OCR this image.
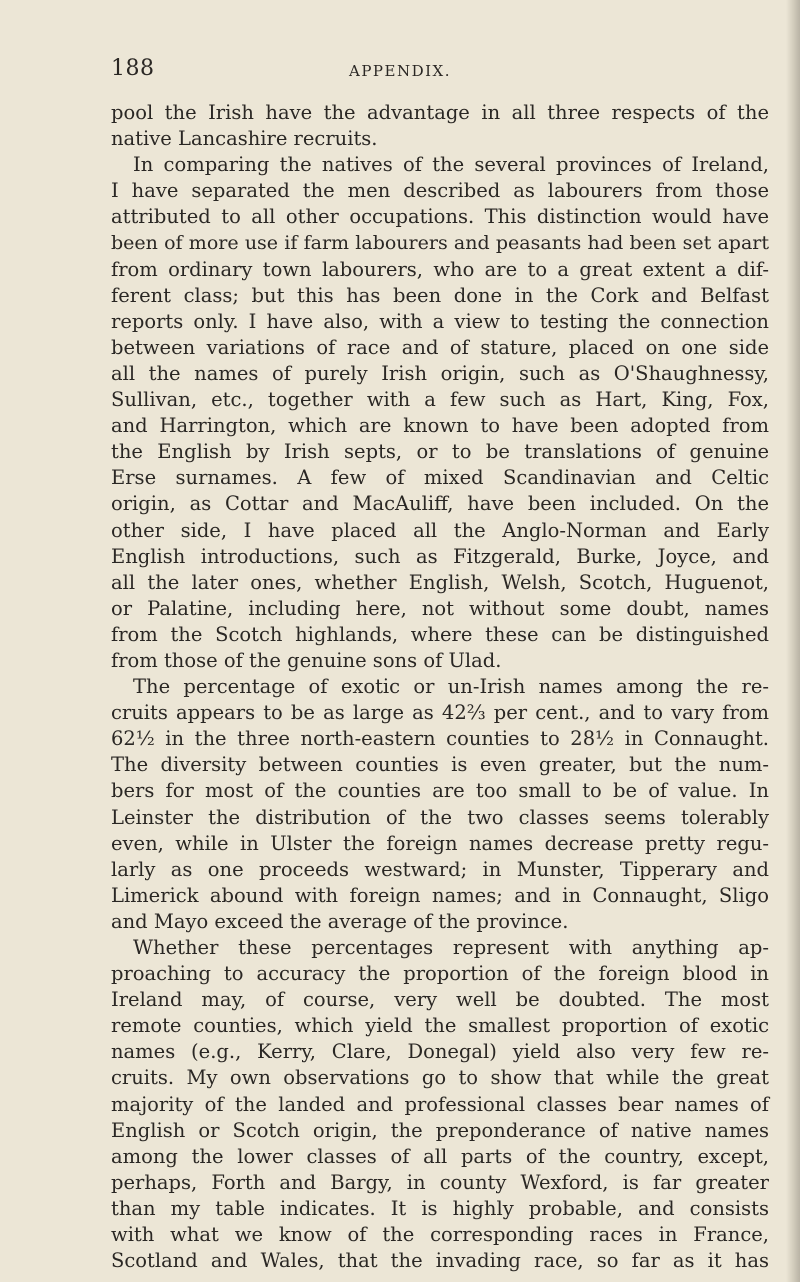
188	APPENDIX.
pool the Irish have the advantage in all three respects of the
native Lancashire recruits.
In comparing the natives of the several provinces of Ireland,
I have separated the men described as labourers from those
attributed to all other occupations. This distinction would have
been of more use if farm labourers and peasants had been set apart
from ordinary town labourers, who are to a great extent a dif-
ferent class; but this has been done in the Cork and Belfast
reports only. I have also, with a view to testing the connection
between variations of race and of stature, placed on one side
all the names of purely Irish origin, such as O'Shaughnessy,
Sullivan, etc., together with a few such as Hart, King, Fox,
and Harrington, which are known to have been adopted from
the English by Irish septs, or to be translations of genuine
Erse surnames. A few of mixed Scandinavian and Celtic
origin, as Cottar and MacAuliff, have been included. On the
other side, I have placed all the Anglo-Norman and Early
English introductions, such as Fitzgerald, Burke, Joyce, and
all the later ones, whether English, Welsh, Scotch, Huguenot,
or Palatine, including here, not without some doubt, names
from the Scotch highlands, where these can be distinguished
from those of the genuine sons of Ulad.
The percentage of exotic or un-Irish names among the re-
cruits appears to be as large as 42⅔ per cent., and to vary from
62½ in the three north-eastern counties to 28½ in Connaught.
The diversity between counties is even greater, but the num-
bers for most of the counties are too small to be of value. In
Leinster the distribution of the two classes seems tolerably
even, while in Ulster the foreign names decrease pretty regu-
larly as one proceeds westward; in Munster, Tipperary and
Limerick abound with foreign names; and in Connaught, Sligo
and Mayo exceed the average of the province.
Whether these percentages represent with anything ap-
proaching to accuracy the proportion of the foreign blood in
Ireland may, of course, very well be doubted. The most
remote counties, which yield the smallest proportion of exotic
names (e.g., Kerry, Clare, Donegal) yield also very few re-
cruits. My own observations go to show that while the great
majority of the landed and professional classes bear names of
English or Scotch origin, the preponderance of native names
among the lower classes of all parts of the country, except,
perhaps, Forth and Bargy, in county Wexford, is far greater
than my table indicates. It is highly probable, and consists
with what we know of the corresponding races in France,
Scotland and Wales, that the invading race, so far as it has
